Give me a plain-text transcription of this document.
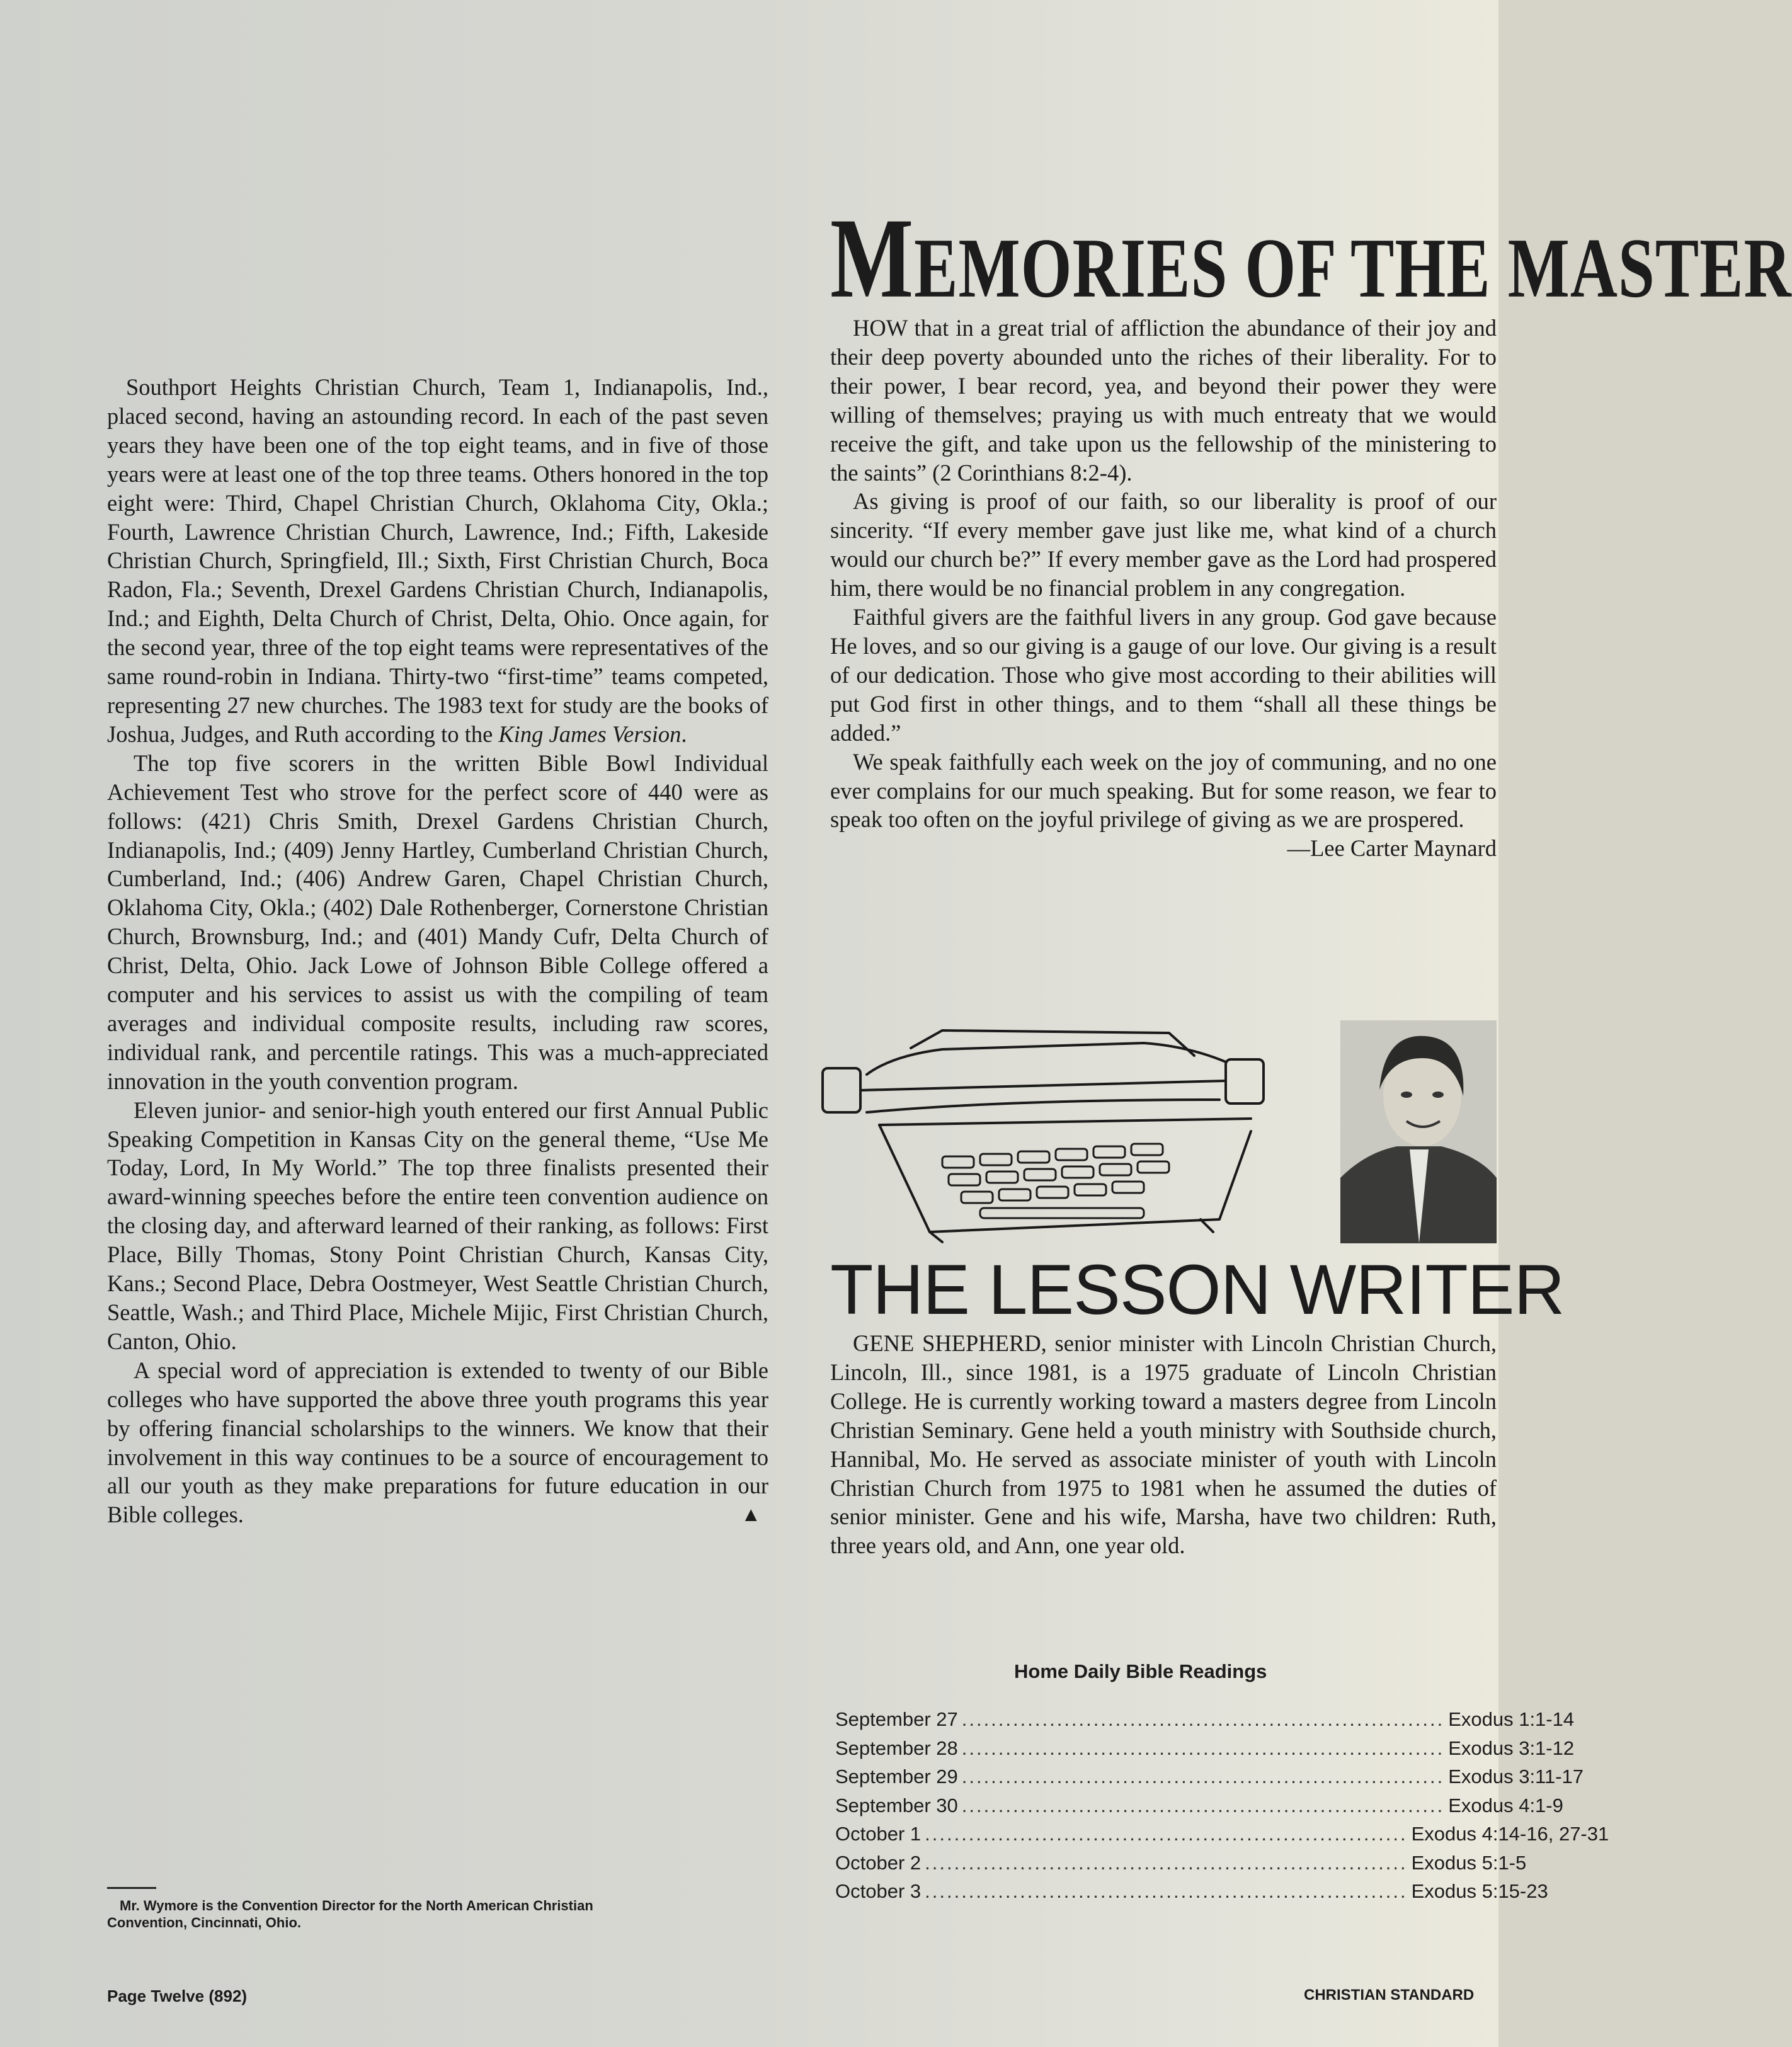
Southport Heights Christian Church, Team 1, Indianapolis, Ind., placed second, having an astounding record. In each of the past seven years they have been one of the top eight teams, and in five of those years were at least one of the top three teams. Others honored in the top eight were: Third, Chapel Christian Church, Oklahoma City, Okla.; Fourth, Lawrence Christian Church, Lawrence, Ind.; Fifth, Lakeside Christian Church, Springfield, Ill.; Sixth, First Christian Church, Boca Radon, Fla.; Seventh, Drexel Gardens Christian Church, Indianapolis, Ind.; and Eighth, Delta Church of Christ, Delta, Ohio. Once again, for the second year, three of the top eight teams were representatives of the same round-robin in Indiana. Thirty-two “first-time” teams competed, representing 27 new churches. The 1983 text for study are the books of Joshua, Judges, and Ruth according to the King James Version.

The top five scorers in the written Bible Bowl Individual Achievement Test who strove for the perfect score of 440 were as follows: (421) Chris Smith, Drexel Gardens Christian Church, Indianapolis, Ind.; (409) Jenny Hartley, Cumberland Christian Church, Cumberland, Ind.; (406) Andrew Garen, Chapel Christian Church, Oklahoma City, Okla.; (402) Dale Rothenberger, Cornerstone Christian Church, Brownsburg, Ind.; and (401) Mandy Cufr, Delta Church of Christ, Delta, Ohio. Jack Lowe of Johnson Bible College offered a computer and his services to assist us with the compiling of team averages and individual composite results, including raw scores, individual rank, and percentile ratings. This was a much-appreciated innovation in the youth convention program.

Eleven junior- and senior-high youth entered our first Annual Public Speaking Competition in Kansas City on the general theme, “Use Me Today, Lord, In My World.” The top three finalists presented their award-winning speeches before the entire teen convention audience on the closing day, and afterward learned of their ranking, as follows: First Place, Billy Thomas, Stony Point Christian Church, Kansas City, Kans.; Second Place, Debra Oostmeyer, West Seattle Christian Church, Seattle, Wash.; and Third Place, Michele Mijic, First Christian Church, Canton, Ohio.

A special word of appreciation is extended to twenty of our Bible colleges who have supported the above three youth programs this year by offering financial scholarships to the winners. We know that their involvement in this way continues to be a source of encouragement to all our youth as they make preparations for future education in our Bible colleges.	▲

Mr. Wymore is the Convention Director for the North American Christian
Convention, Cincinnati, Ohio.
Page Twelve (892)	CHRISTIAN STANDARD
MEMORIES OF THE MASTER

HOW that in a great trial of affliction the abundance of their joy and their deep poverty abounded unto the riches of their liberality. For to their power, I bear record, yea, and beyond their power they were willing of themselves; praying us with much entreaty that we would receive the gift, and take upon us the fellowship of the ministering to the saints” (2 Corinthians 8:2-4).

As giving is proof of our faith, so our liberality is proof of our sincerity. “If every member gave just like me, what kind of a church would our church be?” If every member gave as the Lord had prospered him, there would be no financial problem in any congregation.

Faithful givers are the faithful livers in any group. God gave because He loves, and so our giving is a gauge of our love. Our giving is a result of our dedication. Those who give most according to their abilities will put God first in other things, and to them “shall all these things be added.”

We speak faithfully each week on the joy of communing, and no one ever complains for our much speaking. But for some reason, we fear to speak too often on the joyful privilege of giving as we are prospered.

—Lee Carter Maynard
THE LESSON WRITER

GENE SHEPHERD, senior minister with Lincoln Christian Church, Lincoln, Ill., since 1981, is a 1975 graduate of Lincoln Christian College. He is currently working toward a masters degree from Lincoln Christian Seminary. Gene held a youth ministry with Southside church, Hannibal, Mo. He served as associate minister of youth with Lincoln Christian Church from 1975 to 1981 when he assumed the duties of senior minister. Gene and his wife, Marsha, have two children: Ruth, three years old, and Ann, one year old.

Home Daily Bible Readings
September 27 .................................................................. Exodus 1:1-14
September 28 .................................................................. Exodus 3:1-12
September 29 .................................................................. Exodus 3:11-17
September 30 .................................................................. Exodus 4:1-9
October 1 .................................................................. Exodus 4:14-16, 27-31
October 2 .................................................................. Exodus 5:1-5
October 3 .................................................................. Exodus 5:15-23
